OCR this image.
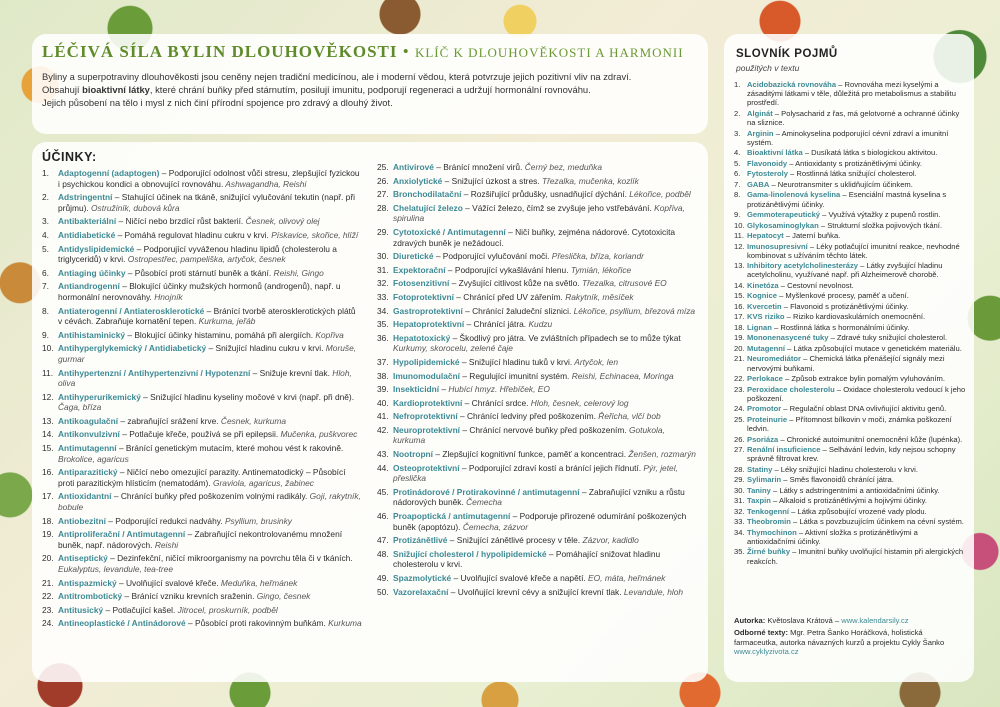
LÉČIVÁ SÍLA BYLIN DLOUHOVĚKOSTI • KLÍČ K DLOUHOVĚKOSTI A HARMONII

Byliny a superpotraviny dlouhověkosti jsou ceněny nejen tradiční medicínou, ale i moderní vědou, která potvrzuje jejich pozitivní vliv na zdraví.

Obsahují bioaktivní látky, které chrání buňky před stárnutím, posilují imunitu, podporují regeneraci a udržují hormonální rovnováhu.

Jejich působení na tělo i mysl z nich činí přírodní spojence pro zdravý a dlouhý život.

ÚČINKY:
1.	Adaptogenní (adaptogen) – Podporující odolnost vůči stresu, zlepšující fyzickou i psychickou kondici a obnovující rovnováhu. Ashwagandha, Reishi
2.	Adstringentní – Stahující účinek na tkáně, snižující vylučování tekutin (např. při průjmu). Ostružiník, dubová kůra
3.	Antibakteriální – Ničící nebo brzdící růst bakterií. Česnek, olivový olej
4.	Antidiabetické – Pomáhá regulovat hladinu cukru v krvi. Pískavice, skořice, hlíží
5.	Antidyslipidemické – Podporující vyváženou hladinu lipidů (cholesterolu a triglyceridů) v krvi. Ostropestřec, pampeliška, artyčok, česnek
6.	Antiaging účinky – Působící proti stárnutí buněk a tkání. Reishi, Gingo
7.	Antiandrogenní – Blokující účinky mužských hormonů (androgenů), např. u hormonální nerovnováhy. Hnojník
8.	Antiaterogenní / Antiaterosklerotické – Bránící tvorbě aterosklerotických plátů v cévách. Zabraňuje kornatění tepen. Kurkuma, jeřáb
9.	Antihistaminický – Blokující účinky histaminu, pomáhá při alergiích. Kopřiva
10. Antihyperglykemický / Antidiabetický – Snižující hladinu cukru v krvi. Moruše, gurmar
11. Antihypertenzní / Antihypertenzivní / Hypotenzní – Snižuje krevní tlak. Hloh, oliva
12. Antihyperurikemický – Snižující hladinu kyseliny močové v krvi (např. při dně). Čaga, bříza
13. Antikoagulační – zabraňující srážení krve. Česnek, kurkuma
14. Antikonvulzivní – Potlačuje křeče, používá se při epilepsii. Mučenka, puškvorec
15. Antimutagenní – Bránící genetickým mutacím, které mohou vést k rakovině. Brokolice, agaricus
16. Antiparazitický – Ničící nebo omezující parazity. Antinematodický – Působící proti parazitickým hlísticím (nematodám). Graviola, agaricus, žabinec
17. Antioxidantní – Chránící buňky před poškozením volnými radikály. Goji, rakytník, bobule
18. Antiobezitní – Podporující redukci nadváhy. Psyllium, brusinky
19. Antiproliferační / Antimutagenní – Zabraňující nekontrolovanému množení buněk, např. nádorových. Reishi
20. Antiseptický – Dezinfekční, ničící mikroorganismy na povrchu těla či v tkáních. Eukalyptus, levandule, tea-tree
21. Antispazmický – Uvolňující svalové křeče. Meduňka, heřmánek
22. Antitrombotický – Bránící vzniku krevních sraženin. Gingo, česnek
23. Antitusický – Potlačující kašel. Jitrocel, proskurník, podběl
24. Antineoplastické / Antinádorové – Působící proti rakovinným buňkám. Kurkuma
25. Antivirové – Bránící množení virů. Černý bez, meduňka
26. Anxiolytické – Snižující úzkost a stres. Třezalka, mučenka, kozlík
27. Bronchodilatační – Rozšiřující průdušky, usnadňující dýchání. Lékořice, podběl
28. Chelatující železo – Vážící železo, čímž se zvyšuje jeho vstřebávání. Kopřiva, spirulina
29. Cytotoxické / Antimutagenní – Ničí buňky, zejména nádorové. Cytotoxicita zdravých buněk je nežádoucí.
30. Diuretické – Podporující vylučování moči. Přeslička, bříza, koriandr
31. Expektorační – Podporující vykašlávání hlenu. Tymián, lékořice
32. Fotosenzitivní – Zvyšující citlivost kůže na světlo. Třezalka, citrusové EO
33. Fotoprotektivní – Chránící před UV zářením. Rakytník, měsíček
34. Gastroprotektivní – Chránící žaludeční sliznici. Lékořice, psyllium, březová míza
35. Hepatoprotektivní – Chránící játra. Kudzu
36. Hepatotoxický – Škodlivý pro játra. Ve zvláštních případech se to může týkat Kurkumy, skorocelu, zelené čaje
37. Hypolipidemické – Snižující hladinu tuků v krvi. Artyčok, len
38. Imunomodulační – Regulující imunitní systém. Reishi, Echinacea, Moringa
39. Insekticidní – Hubící hmyz. Hřebíček, EO
40. Kardioprotektivní – Chránící srdce. Hloh, česnek, celerový log
41. Nefroprotektivní – Chránící ledviny před poškozením. Řeřicha, vlčí bob
42. Neuroprotektivní – Chránící nervové buňky před poškozením. Gotukola, kurkuma
43. Nootropní – Zlepšující kognitivní funkce, paměť a koncentraci. Ženšen, rozmarýn
44. Osteoprotektivní – Podporující zdraví kostí a bránící jejich řídnutí. Pýr, jetel, přeslička
45. Protinádorové / Protirakovinné / antimutagenní – Zabraňující vzniku a růstu nádorových buněk. Čemecha
46. Proapoptická / antimutagenní – Podporuje přirozené odumírání poškozených buněk (apoptózu). Čemecha, zázvor
47. Protizánětlivé – Snižující zánětlivé procesy v těle. Zázvor, kadidlo
48. Snižující cholesterol / hypolipidemické – Pomáhající snižovat hladinu cholesterolu v krvi.
49. Spazmolytické – Uvolňující svalové křeče a napětí. EO, máta, heřmánek
50. Vazorelaxační – Uvolňující krevní cévy a snižující krevní tlak. Levandule, hloh
SLOVNÍK POJMŮ
použitých v textu
1. Acidobazická rovnováha – Rovnováha mezi kyselými a zásaditými látkami v těle, důležitá pro metabolismus a stabilitu prostředí.
2. Alginát – Polysacharid z řas, má gelotvorné a ochranné účinky na sliznice.
3. Arginin – Aminokyselina podporující cévní zdraví a imunitní systém.
4. Bioaktivní látka – Dusíkatá látka s biologickou aktivitou.
5. Flavonoidy – Antioxidanty s protizánětlivými účinky.
6. Fytosteroly – Rostlinná látka snižující cholesterol.
7. GABA – Neurotransmiter s uklidňujícím účinkem.
8. Gama-linolenová kyselina – Esenciální mastná kyselina s protizánětlivými účinky.
9. Gemmoterapeutický – Využívá výtažky z pupenů rostlin.
10. Glykosaminoglykan – Strukturní složka pojivových tkání.
11. Hepatocyt – Jaterní buňka.
12. Imunosupresivní – Léky potlačující imunitní reakce, nevhodné kombinovat s užíváním těchto látek.
13. Inhibitory acetylcholinesterázy – Látky zvyšující hladinu acetylcholinu, využívané např. při Alzheimerově chorobě.
14. Kinetóza – Cestovní nevolnost.
15. Kognice – Myšlenkové procesy, paměť a učení.
16. Kvercetin – Flavonoid s protizánětlivými účinky.
17. KVS riziko – Riziko kardiovaskulárních onemocnění.
18. Lignan – Rostlinná látka s hormonálními účinky.
19. Mononenasycené tuky – Zdravé tuky snižující cholesterol.
20. Mutagenní – Látka způsobující mutace v genetickém materiálu.
21. Neuromediátor – Chemická látka přenášející signály mezi nervovými buňkami.
22. Perlokace – Způsob extrakce bylin pomalým vyluhováním.
23. Peroxidace cholesterolu – Oxidace cholesterolu vedoucí k jeho poškození.
24. Promotor – Regulační oblast DNA ovlivňující aktivitu genů.
25. Proteinurie – Přítomnost bílkovin v moči, známka poškození ledvin.
26. Psoriáza – Chronické autoimunitní onemocnění kůže (lupénka).
27. Renální insuficience – Selhávání ledvin, kdy nejsou schopny správně filtrovat krev.
28. Statiny – Léky snižující hladinu cholesterolu v krvi.
29. Sylimarin – Směs flavonoidů chránící játra.
30. Taniny – Látky s adstringentními a antioxidačními účinky.
31. Taxpin – Alkaloid s protizánětlivými a hojivými účinky.
32. Tenkogenní – Látka způsobující vrozené vady plodu.
33. Theobromin – Látka s povzbuzujícím účinkem na cévní systém.
34. Thymochinon – Aktivní složka s protizánětlivými a antioxidačními účinky.
35. Žirné buňky – Imunitní buňky uvolňující histamin při alergických reakcích.

Autorka: Květoslava Krátová – www.kalendarsily.cz

Odborné texty: Mgr. Petra Šanko Horáčková, holistická farmaceutka, autorka návazných kurzů a projektu Cykly Šanko
www.cyklyzivota.cz
